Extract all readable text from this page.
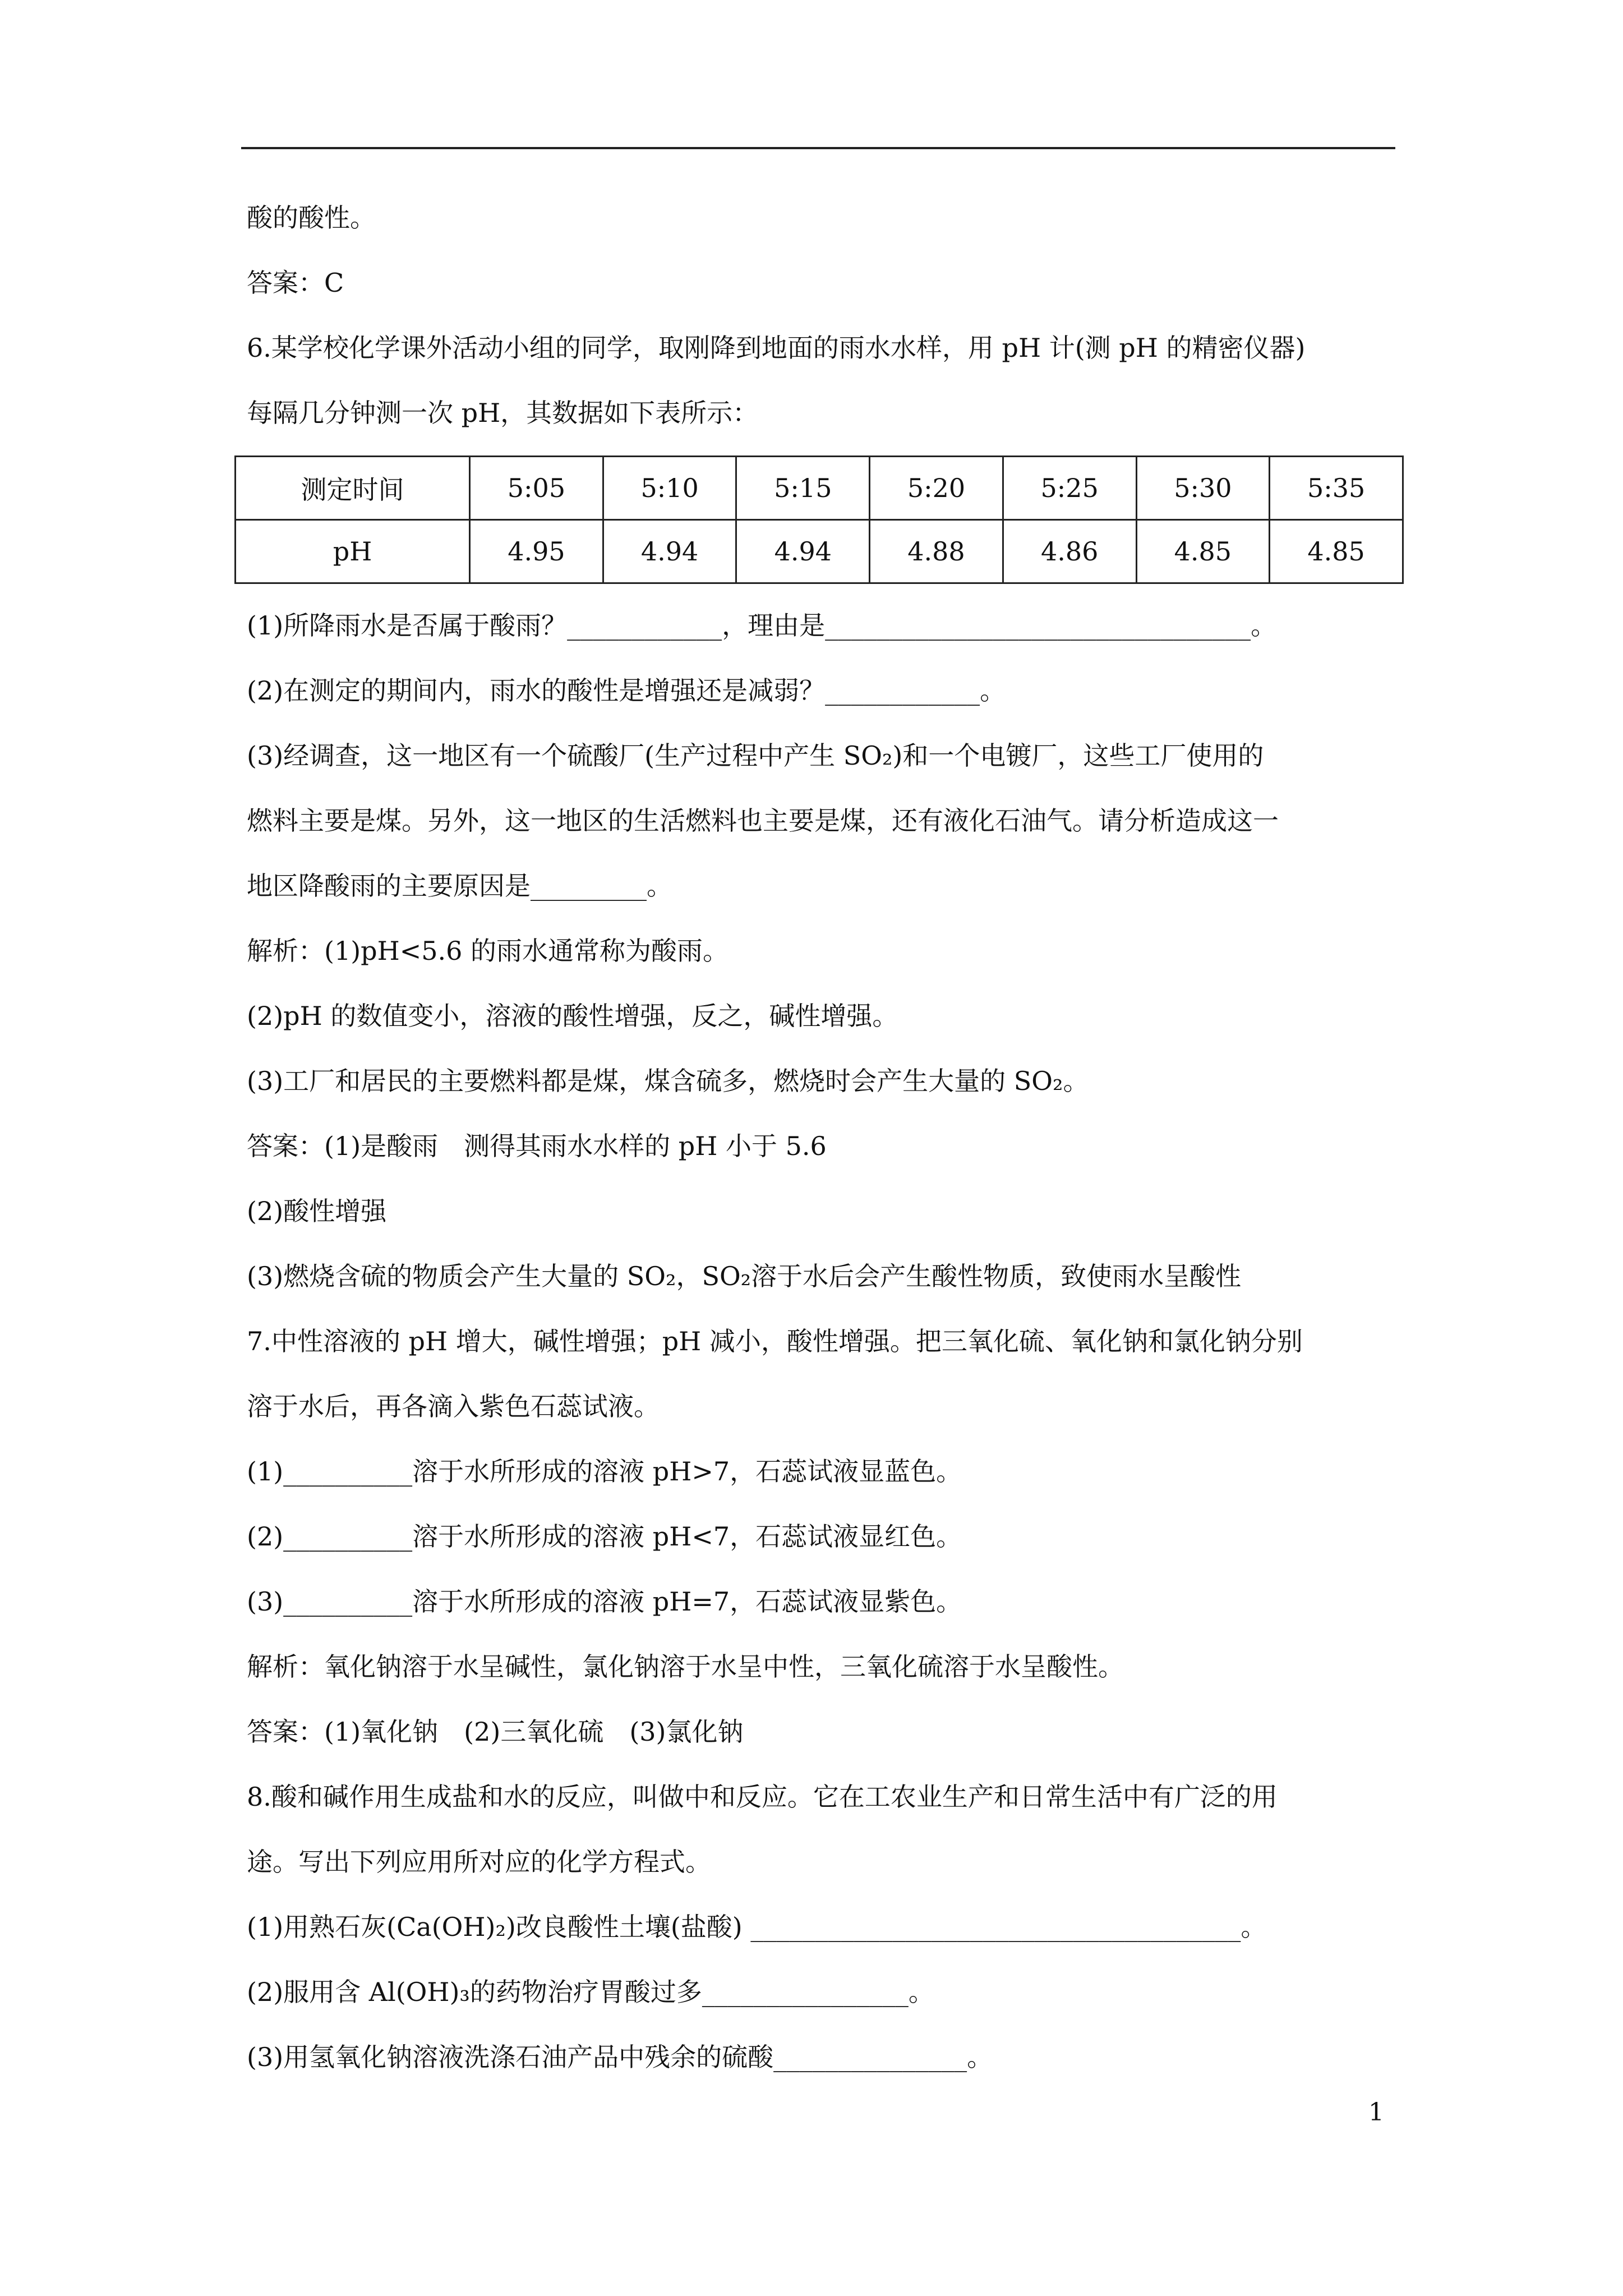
酸的酸性。
答案：C
6.某学校化学课外活动小组的同学，取刚降到地面的雨水水样，用 pH 计(测 pH 的精密仪器)
每隔几分钟测一次 pH，其数据如下表所示：
测定时间	5:05	5:10	5:15	5:20	5:25	5:30	5:35
pH	4.95	4.94	4.94	4.88	4.86	4.85	4.85
(1)所降雨水是否属于酸雨？____________，理由是_________________________________。
(2)在测定的期间内，雨水的酸性是增强还是减弱？____________。
(3)经调查，这一地区有一个硫酸厂(生产过程中产生 SO₂)和一个电镀厂，这些工厂使用的
燃料主要是煤。另外，这一地区的生活燃料也主要是煤，还有液化石油气。请分析造成这一
地区降酸雨的主要原因是_________。
解析：(1)pH<5.6 的雨水通常称为酸雨。
(2)pH 的数值变小，溶液的酸性增强，反之，碱性增强。
(3)工厂和居民的主要燃料都是煤，煤含硫多，燃烧时会产生大量的 SO₂。
答案：(1)是酸雨　测得其雨水水样的 pH 小于 5.6
(2)酸性增强
(3)燃烧含硫的物质会产生大量的 SO₂，SO₂溶于水后会产生酸性物质，致使雨水呈酸性
7.中性溶液的 pH 增大，碱性增强；pH 减小，酸性增强。把三氧化硫、氧化钠和氯化钠分别
溶于水后，再各滴入紫色石蕊试液。
(1)__________溶于水所形成的溶液 pH>7，石蕊试液显蓝色。
(2)__________溶于水所形成的溶液 pH<7，石蕊试液显红色。
(3)__________溶于水所形成的溶液 pH=7，石蕊试液显紫色。
解析：氧化钠溶于水呈碱性，氯化钠溶于水呈中性，三氧化硫溶于水呈酸性。
答案：(1)氧化钠　(2)三氧化硫　(3)氯化钠
8.酸和碱作用生成盐和水的反应，叫做中和反应。它在工农业生产和日常生活中有广泛的用
途。写出下列应用所对应的化学方程式。
(1)用熟石灰(Ca(OH)₂)改良酸性土壤(盐酸) ______________________________________。
(2)服用含 Al(OH)₃的药物治疗胃酸过多________________。
(3)用氢氧化钠溶液洗涤石油产品中残余的硫酸_______________。
1
